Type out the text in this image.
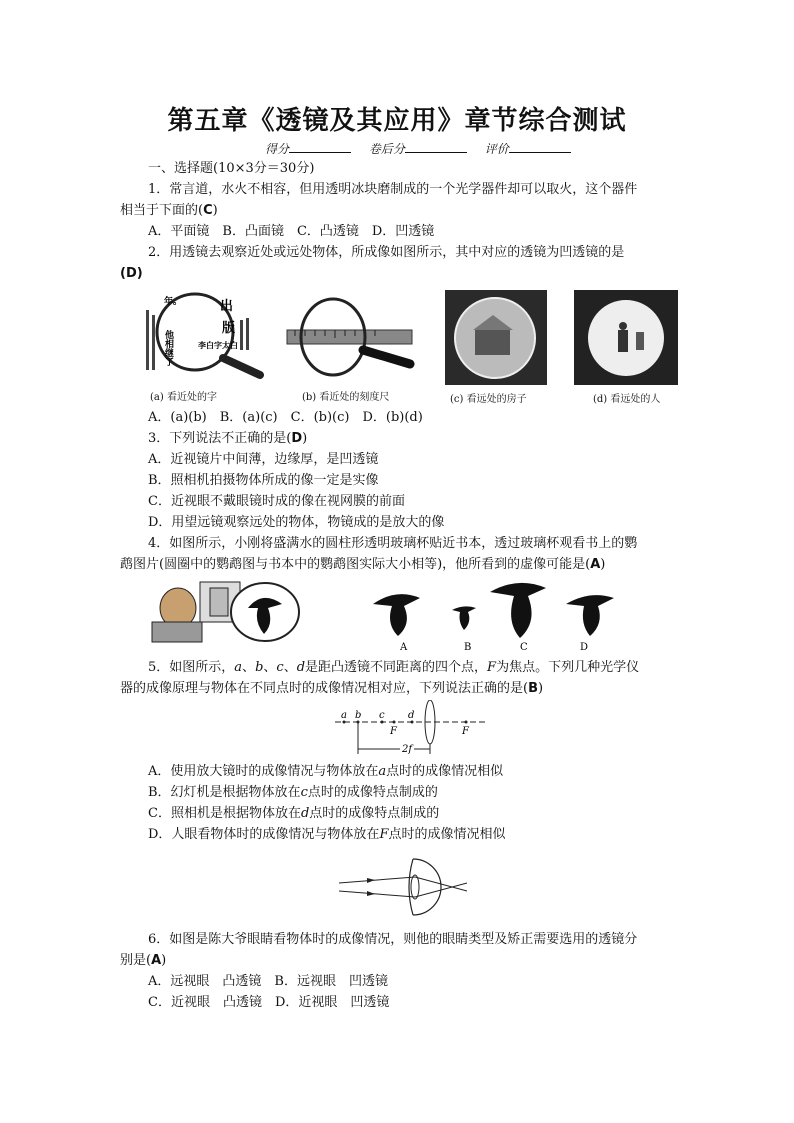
第五章《透镜及其应用》章节综合测试
得分	卷后分	评价
一、选择题(10×3分＝30分)
1．常言道，水火不相容，但用透明冰块磨制成的一个光学器件却可以取火，这个器件
相当于下面的(C)
A．平面镜　B．凸面镜　C．凸透镜　D．凹透镜
2．用透镜去观察近处或远处物体，所成像如图所示，其中对应的透镜为凹透镜的是
(D)
出
版
李白字太白
他相继了
年。
(a) 看近处的字	(b) 看近处的刻度尺	(c) 看远处的房子	(d) 看远处的人
A．(a)(b)　B．(a)(c)　C．(b)(c)　D．(b)(d)
3．下列说法不正确的是(D)
A．近视镜片中间薄，边缘厚，是凹透镜
B．照相机拍摄物体所成的像一定是实像
C．近视眼不戴眼镜时成的像在视网膜的前面
D．用望远镜观察远处的物体，物镜成的是放大的像
4．如图所示，小刚将盛满水的圆柱形透明玻璃杯贴近书本，透过玻璃杯观看书上的鹦
鹉图片(圆圈中的鹦鹉图与书本中的鹦鹉图实际大小相等)，他所看到的虚像可能是(A)
A	B	C	D
5．如图所示，a、b、c、d是距凸透镜不同距离的四个点，F为焦点。下列几种光学仪
器的成像原理与物体在不同点时的成像情况相对应，下列说法正确的是(B)
a b c d
F	F
2f
A．使用放大镜时的成像情况与物体放在a点时的成像情况相似
B．幻灯机是根据物体放在c点时的成像特点制成的
C．照相机是根据物体放在d点时的成像特点制成的
D．人眼看物体时的成像情况与物体放在F点时的成像情况相似
6．如图是陈大爷眼睛看物体时的成像情况，则他的眼睛类型及矫正需要选用的透镜分
别是(A)
A．远视眼　凸透镜　B．远视眼　凹透镜
C．近视眼　凸透镜　D．近视眼　凹透镜
